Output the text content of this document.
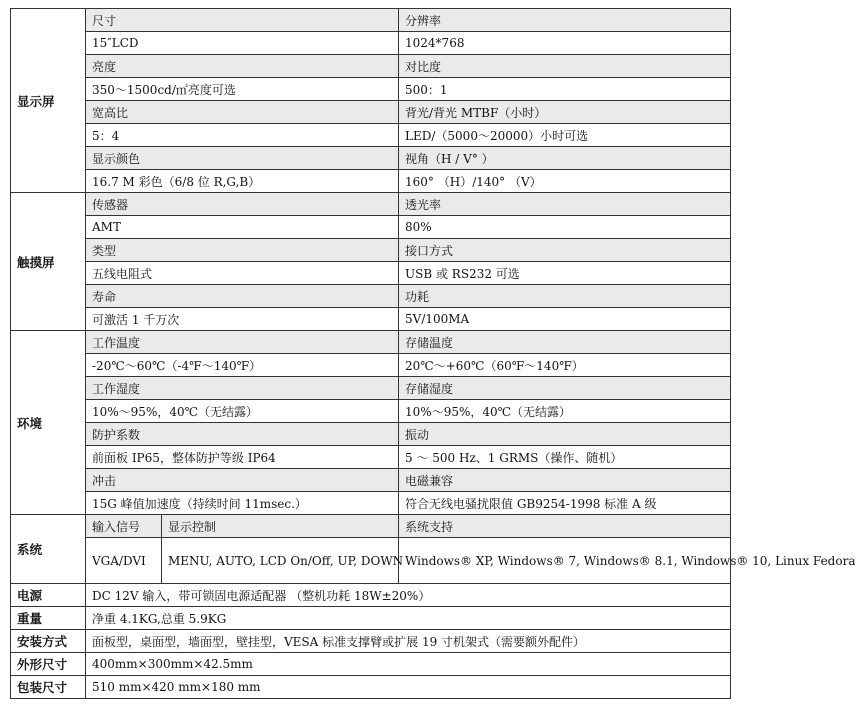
显示屏	尺寸		分辨率
	15″LCD		1024*768
	亮度		对比度
	350～1500cd/㎡亮度可选		500：1
	宽高比		背光/背光 MTBF（小时）
	5：4		LED/（5000～20000）小时可选
	显示颜色		视角（H / V° ）
	16.7 M 彩色（6/8 位 R,G,B）		160° （H）/140° （V）
触摸屏	传感器		透光率
	AMT		80%
	类型		接口方式
	五线电阻式		USB 或 RS232 可选
	寿命		功耗
	可激活 1 千万次		5V/100MA
环境	工作温度		存储温度
	-20℃～60℃（-4℉～140℉）		20℃～+60℃（60℉～140℉）
	工作湿度		存储湿度
	10%～95%，40℃（无结露）		10%～95%，40℃（无结露）
	防护系数		振动
	前面板 IP65，整体防护等级 IP64		5 ～ 500 Hz、1 GRMS（操作、随机）
	冲击		电磁兼容
	15G 峰值加速度（持续时间 11msec.）		符合无线电骚扰限值 GB9254-1998 标准 A 级
系统	输入信号	显示控制	系统支持
	VGA/DVI	MENU, AUTO, LCD On/Off, UP, DOWN	Windows® XP, Windows® 7, Windows® 8.1, Windows® 10, Linux Fedora
电源	DC 12V 输入，带可锁固电源适配器 （整机功耗 18W±20%）		
重量	净重 4.1KG,总重 5.9KG		
安装方式	面板型，桌面型，墙面型，壁挂型，VESA 标准支撑臂或扩展 19 寸机架式（需要额外配件）		
外形尺寸	400mm×300mm×42.5mm		
包装尺寸	510 mm×420 mm×180 mm		
